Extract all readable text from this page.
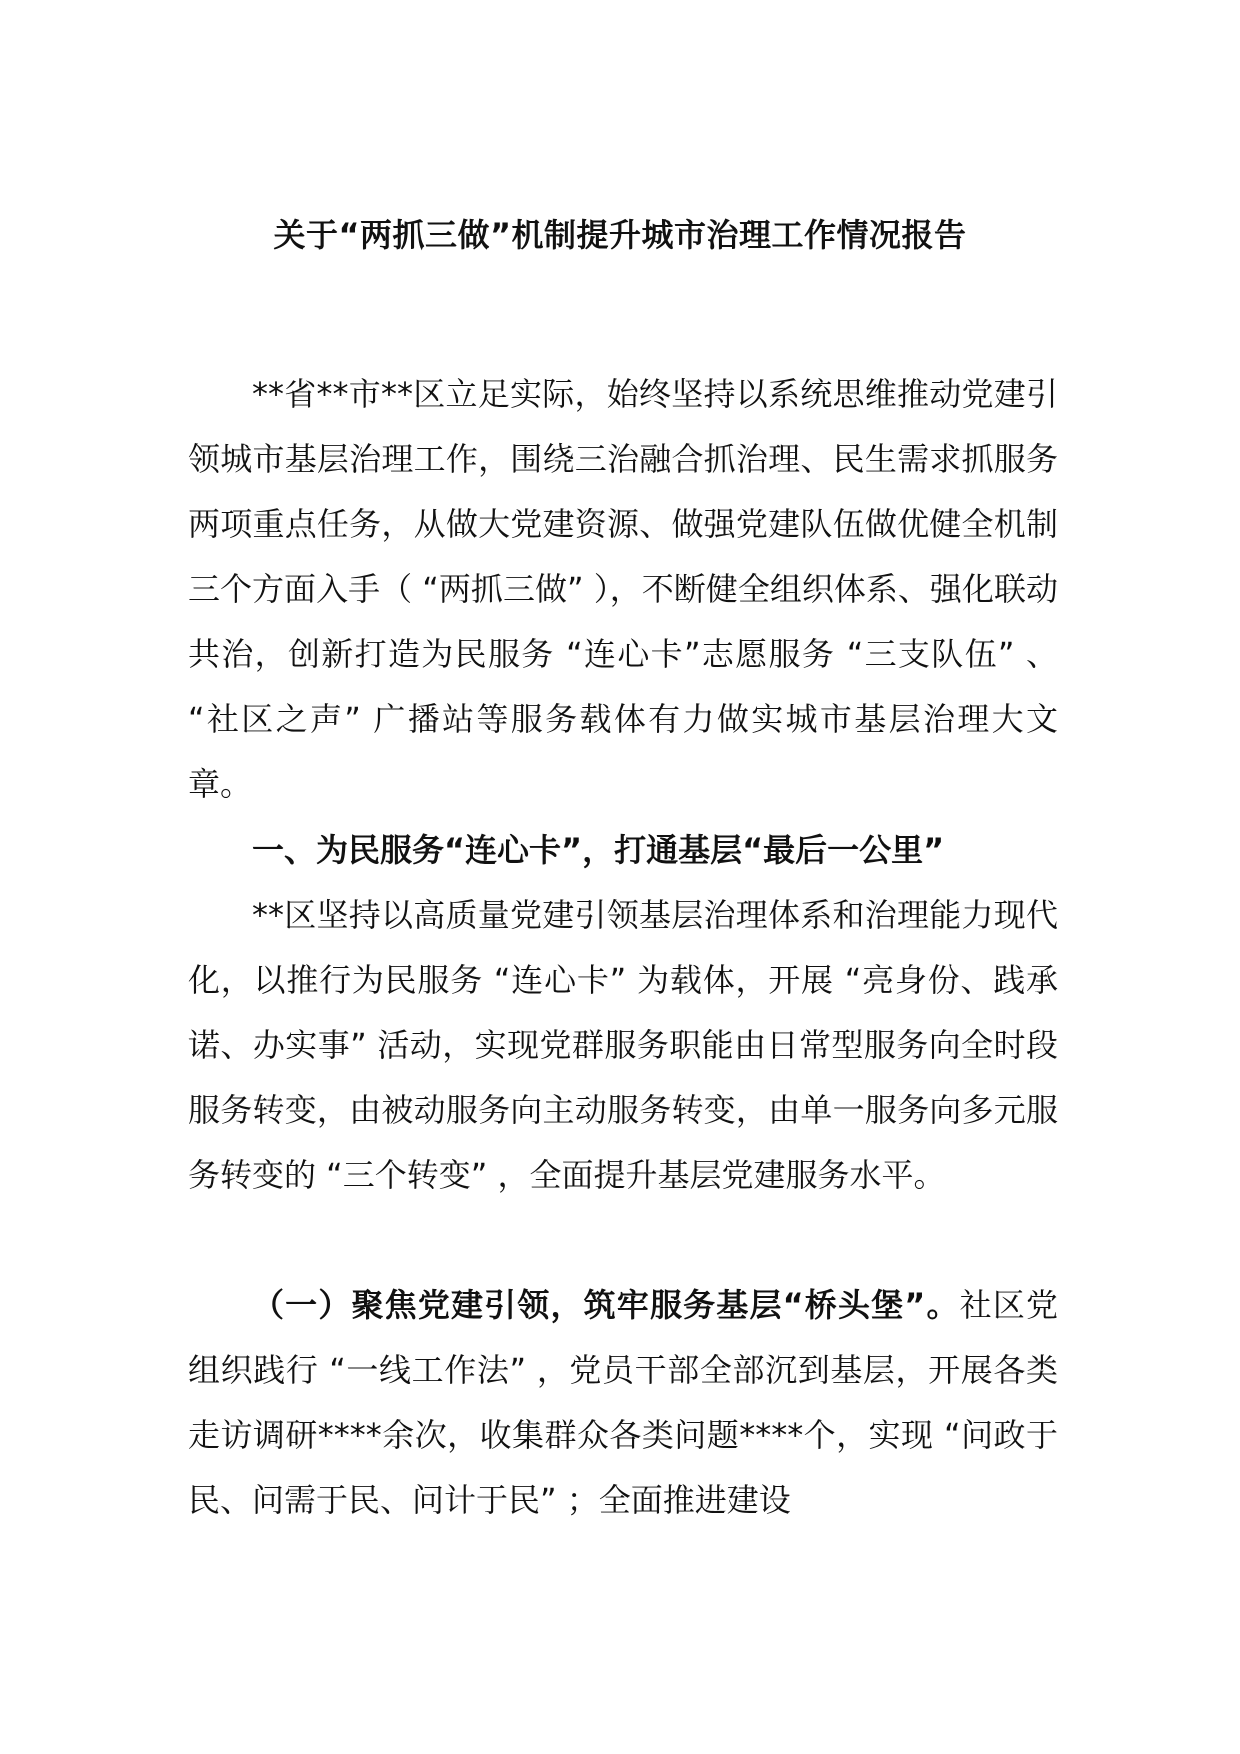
关于“两抓三做”机制提升城市治理工作情况报告
**省**市**区立足实际，始终坚持以系统思维推动党建引领城市基层治理工作，围绕三治融合抓治理、民生需求抓服务两项重点任务，从做大党建资源、做强党建队伍做优健全机制三个方面入手（ “两抓三做” ），不断健全组织体系、强化联动共治，创新打造为民服务 “连心卡”志愿服务 “三支队伍” 、 “社区之声” 广播站等服务载体有力做实城市基层治理大文章。
一、为民服务“连心卡”，打通基层“最后一公里”
**区坚持以高质量党建引领基层治理体系和治理能力现代化，以推行为民服务 “连心卡” 为载体，开展 “亮身份、践承诺、办实事” 活动，实现党群服务职能由日常型服务向全时段服务转变，由被动服务向主动服务转变，由单一服务向多元服务转变的 “三个转变” ，全面提升基层党建服务水平。
（一）聚焦党建引领，筑牢服务基层“桥头堡”。社区党组织践行 “一线工作法” ，党员干部全部沉到基层，开展各类走访调研****余次，收集群众各类问题****个，实现 “问政于民、问需于民、问计于民” ；全面推进建设
